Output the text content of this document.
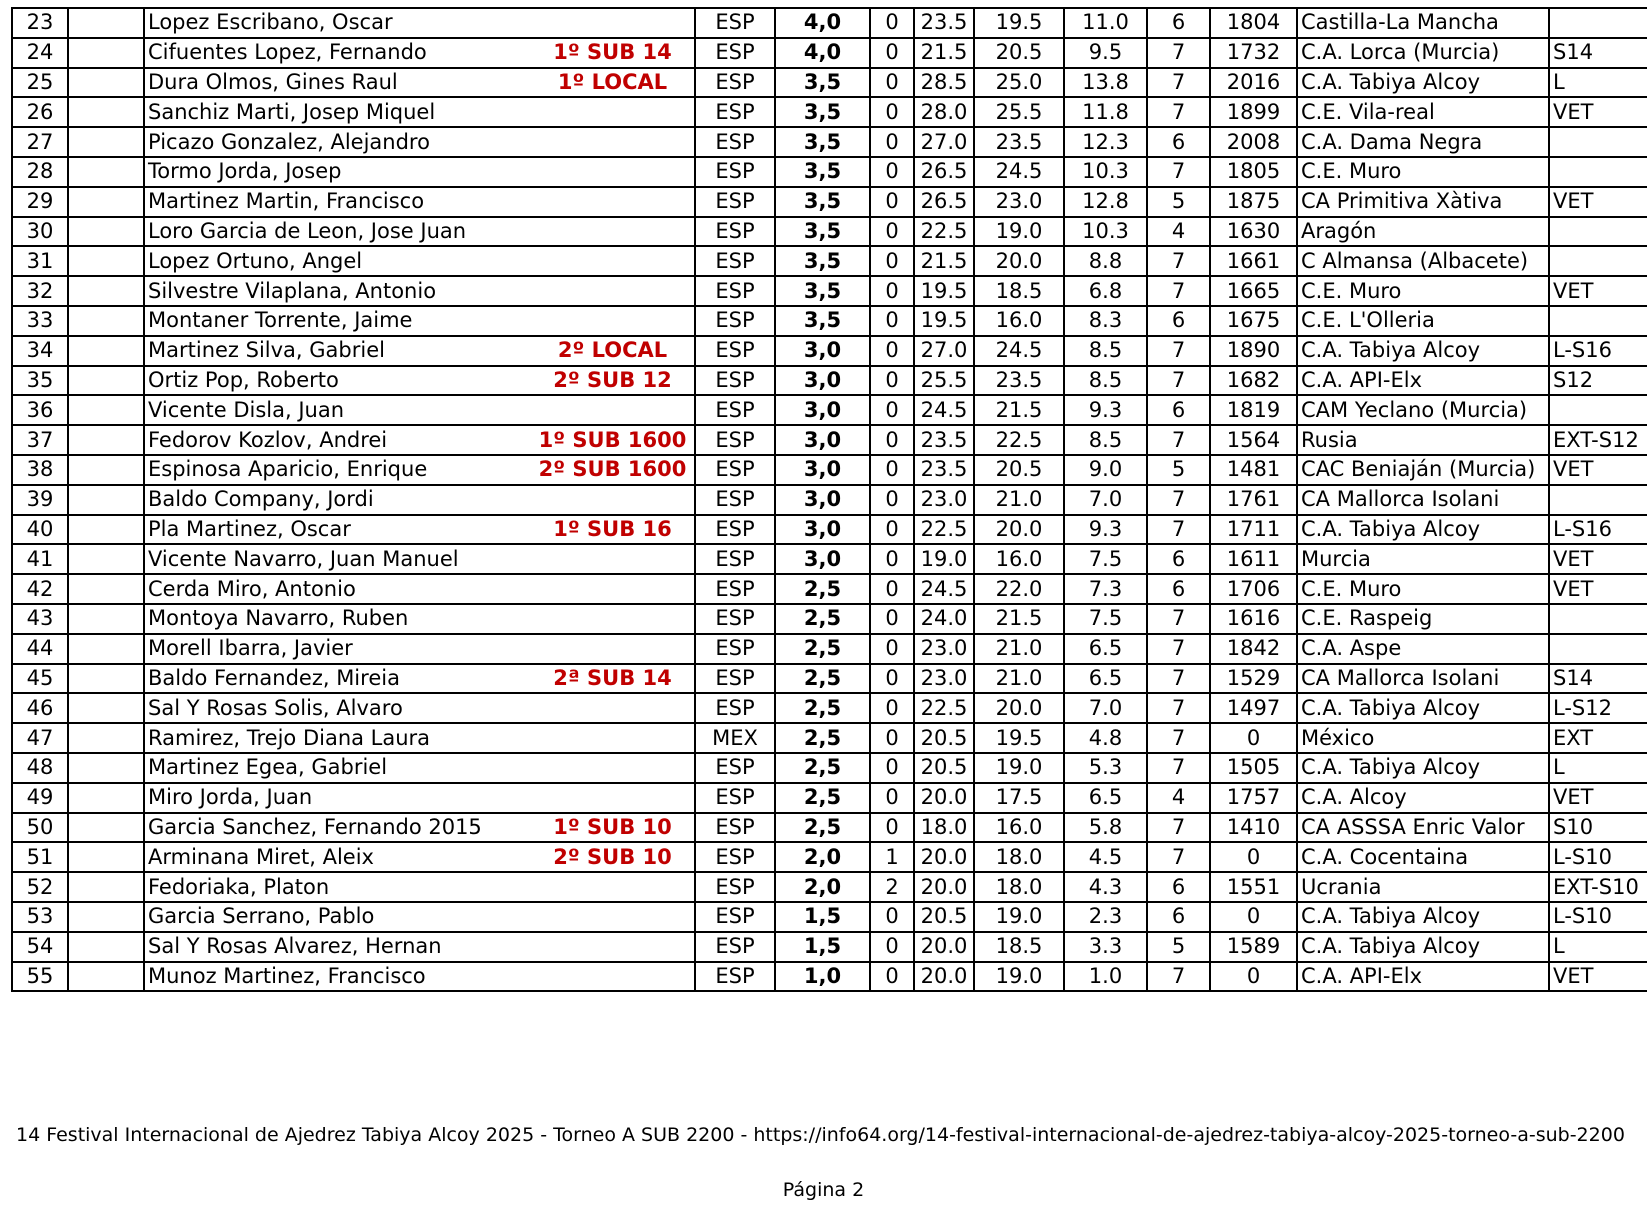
23		Lopez Escribano, Oscar		ESP	4,0	0	23.5	19.5	11.0	6	1804	Castilla-La Mancha	
24		Cifuentes Lopez, Fernando	1º SUB 14	ESP	4,0	0	21.5	20.5	9.5	7	1732	C.A. Lorca (Murcia)	S14
25		Dura Olmos, Gines Raul	1º LOCAL	ESP	3,5	0	28.5	25.0	13.8	7	2016	C.A. Tabiya Alcoy	L
26		Sanchiz Marti, Josep Miquel		ESP	3,5	0	28.0	25.5	11.8	7	1899	C.E. Vila-real	VET
27		Picazo Gonzalez, Alejandro		ESP	3,5	0	27.0	23.5	12.3	6	2008	C.A. Dama Negra	
28		Tormo Jorda, Josep		ESP	3,5	0	26.5	24.5	10.3	7	1805	C.E. Muro	
29		Martinez Martin, Francisco		ESP	3,5	0	26.5	23.0	12.8	5	1875	CA Primitiva Xàtiva	VET
30		Loro Garcia de Leon, Jose Juan		ESP	3,5	0	22.5	19.0	10.3	4	1630	Aragón	
31		Lopez Ortuno, Angel		ESP	3,5	0	21.5	20.0	8.8	7	1661	C Almansa (Albacete)	
32		Silvestre Vilaplana, Antonio		ESP	3,5	0	19.5	18.5	6.8	7	1665	C.E. Muro	VET
33		Montaner Torrente, Jaime		ESP	3,5	0	19.5	16.0	8.3	6	1675	C.E. L'Olleria	
34		Martinez Silva, Gabriel	2º LOCAL	ESP	3,0	0	27.0	24.5	8.5	7	1890	C.A. Tabiya Alcoy	L-S16
35		Ortiz Pop, Roberto	2º SUB 12	ESP	3,0	0	25.5	23.5	8.5	7	1682	C.A. API-Elx	S12
36		Vicente Disla, Juan		ESP	3,0	0	24.5	21.5	9.3	6	1819	CAM Yeclano (Murcia)	
37		Fedorov Kozlov, Andrei	1º SUB 1600	ESP	3,0	0	23.5	22.5	8.5	7	1564	Rusia	EXT-S12
38		Espinosa Aparicio, Enrique	2º SUB 1600	ESP	3,0	0	23.5	20.5	9.0	5	1481	CAC Beniaján (Murcia)	VET
39		Baldo Company, Jordi		ESP	3,0	0	23.0	21.0	7.0	7	1761	CA Mallorca Isolani	
40		Pla Martinez, Oscar	1º SUB 16	ESP	3,0	0	22.5	20.0	9.3	7	1711	C.A. Tabiya Alcoy	L-S16
41		Vicente Navarro, Juan Manuel		ESP	3,0	0	19.0	16.0	7.5	6	1611	Murcia	VET
42		Cerda Miro, Antonio		ESP	2,5	0	24.5	22.0	7.3	6	1706	C.E. Muro	VET
43		Montoya Navarro, Ruben		ESP	2,5	0	24.0	21.5	7.5	7	1616	C.E. Raspeig	
44		Morell Ibarra, Javier		ESP	2,5	0	23.0	21.0	6.5	7	1842	C.A. Aspe	
45		Baldo Fernandez, Mireia	2ª SUB 14	ESP	2,5	0	23.0	21.0	6.5	7	1529	CA Mallorca Isolani	S14
46		Sal Y Rosas Solis, Alvaro		ESP	2,5	0	22.5	20.0	7.0	7	1497	C.A. Tabiya Alcoy	L-S12
47		Ramirez, Trejo Diana Laura		MEX	2,5	0	20.5	19.5	4.8	7	0	México	EXT
48		Martinez Egea, Gabriel		ESP	2,5	0	20.5	19.0	5.3	7	1505	C.A. Tabiya Alcoy	L
49		Miro Jorda, Juan		ESP	2,5	0	20.0	17.5	6.5	4	1757	C.A. Alcoy	VET
50		Garcia Sanchez, Fernando 2015	1º SUB 10	ESP	2,5	0	18.0	16.0	5.8	7	1410	CA ASSSA Enric Valor	S10
51		Arminana Miret, Aleix	2º SUB 10	ESP	2,0	1	20.0	18.0	4.5	7	0	C.A. Cocentaina	L-S10
52		Fedoriaka, Platon		ESP	2,0	2	20.0	18.0	4.3	6	1551	Ucrania	EXT-S10
53		Garcia Serrano, Pablo		ESP	1,5	0	20.5	19.0	2.3	6	0	C.A. Tabiya Alcoy	L-S10
54		Sal Y Rosas Alvarez, Hernan		ESP	1,5	0	20.0	18.5	3.3	5	1589	C.A. Tabiya Alcoy	L
55		Munoz Martinez, Francisco		ESP	1,0	0	20.0	19.0	1.0	7	0	C.A. API-Elx	VET
14 Festival Internacional de Ajedrez Tabiya Alcoy 2025 - Torneo A SUB 2200 - https://info64.org/14-festival-internacional-de-ajedrez-tabiya-alcoy-2025-torneo-a-sub-2200
Página 2
